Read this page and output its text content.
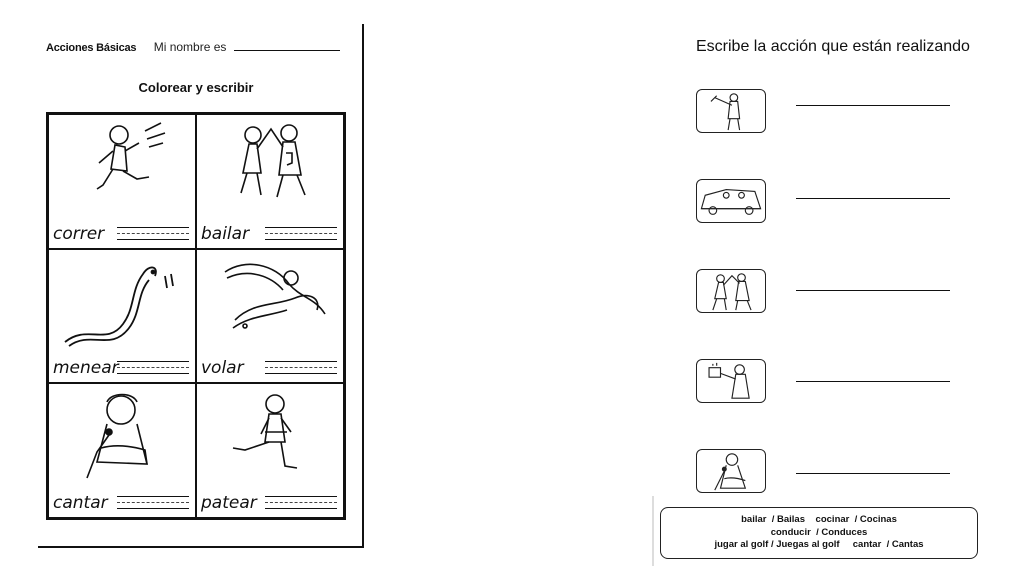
Acciones Básicas Mi nombre es
Colorear y escribir
correr	bailar
menear	volar
cantar	patear
Escribe la acción que están realizando
bailar  / Bailas    cocinar  / Cocinas
conducir  / Conduces
jugar al golf / Juegas al golf     cantar  / Cantas
